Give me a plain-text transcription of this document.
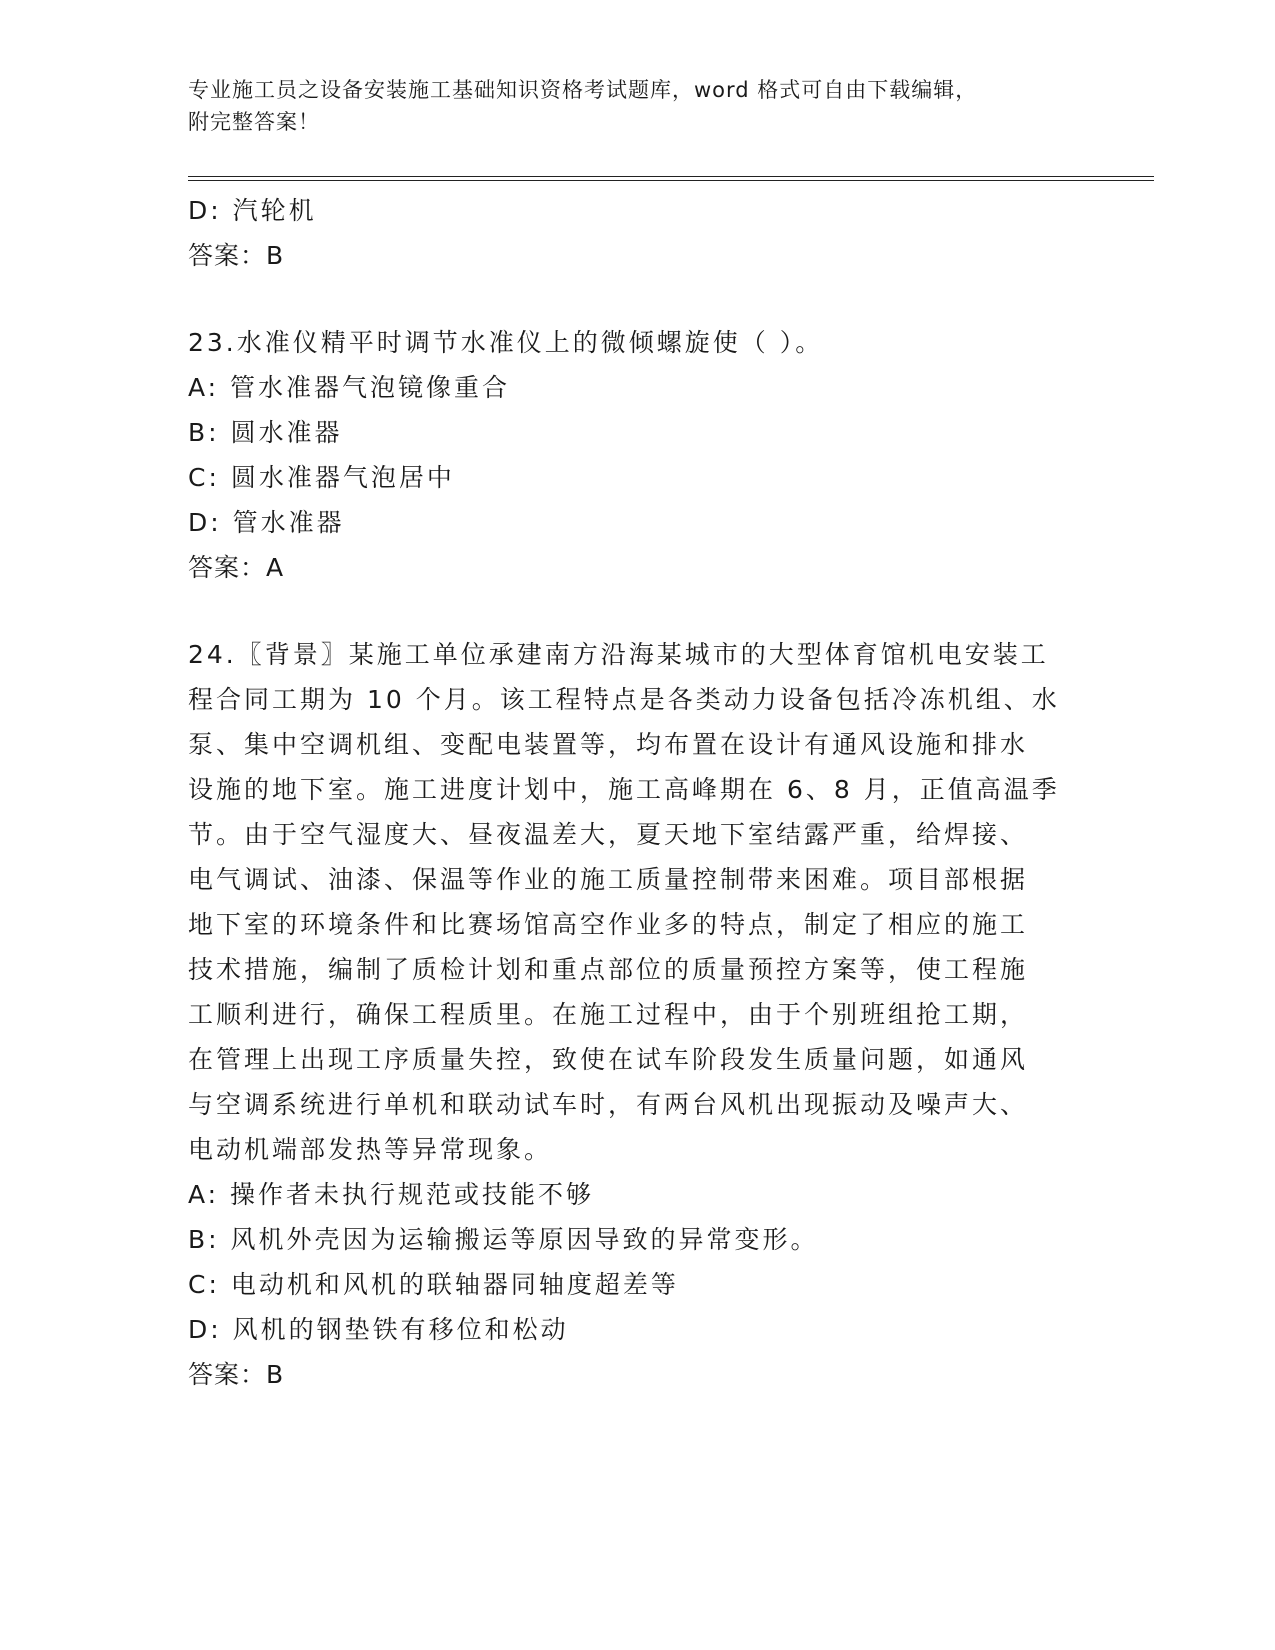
专业施工员之设备安装施工基础知识资格考试题库，word 格式可自由下载编辑，
附完整答案！
D: 汽轮机
答案：B
23.水准仪精平时调节水准仪上的微倾螺旋使（ ）。
A: 管水准器气泡镜像重合
B: 圆水准器
C: 圆水准器气泡居中
D: 管水准器
答案：A
24.〖背景〗某施工单位承建南方沿海某城市的大型体育馆机电安装工
程合同工期为 10 个月。该工程特点是各类动力设备包括冷冻机组、水
泵、集中空调机组、变配电装置等，均布置在设计有通风设施和排水
设施的地下室。施工进度计划中，施工高峰期在 6、8 月，正值高温季
节。由于空气湿度大、昼夜温差大，夏天地下室结露严重，给焊接、
电气调试、油漆、保温等作业的施工质量控制带来困难。项目部根据
地下室的环境条件和比赛场馆高空作业多的特点，制定了相应的施工
技术措施，编制了质检计划和重点部位的质量预控方案等，使工程施
工顺利进行，确保工程质里。在施工过程中，由于个别班组抢工期，
在管理上出现工序质量失控，致使在试车阶段发生质量问题，如通风
与空调系统进行单机和联动试车时，有两台风机出现振动及噪声大、
电动机端部发热等异常现象。
A: 操作者未执行规范或技能不够
B: 风机外壳因为运输搬运等原因导致的异常变形。
C: 电动机和风机的联轴器同轴度超差等
D: 风机的钢垫铁有移位和松动
答案：B
